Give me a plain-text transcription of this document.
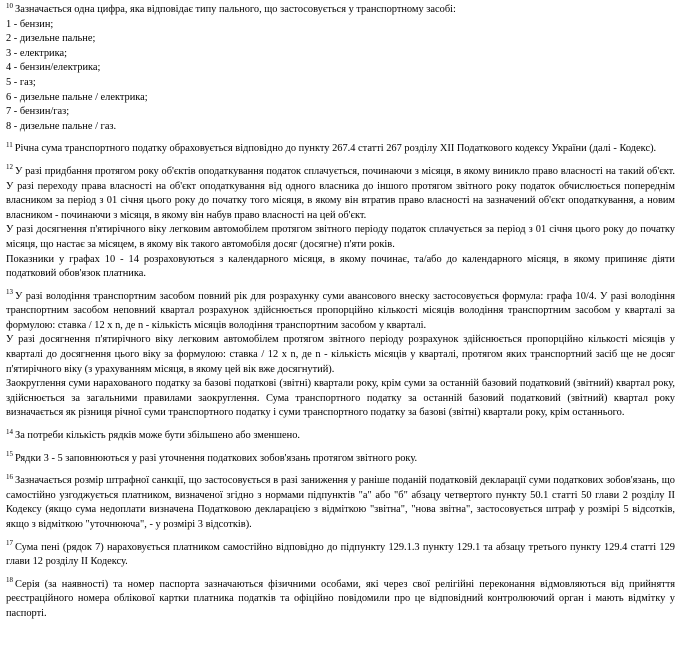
$^{10}$ Зазначається одна цифра, яка відповідає типу пального, що застосовується у транспортному засобі:
1 - бензин;
2 - дизельне пальне;
3 - електрика;
4 - бензин/електрика;
5 - газ;
6 - дизельне пальне / електрика;
7 - бензин/газ;
8 - дизельне пальне / газ.

$^{11}$ Річна сума транспортного податку обраховується відповідно до пункту 267.4 статті 267 розділу XII Податкового кодексу України (далі - Кодекс).

$^{12}$ У разі придбання протягом року об'єктів оподаткування податок сплачується, починаючи з місяця, в якому виникло право власності на такий об'єкт. У разі переходу права власності на об'єкт оподаткування від одного власника до іншого протягом звітного року податок обчислюється попереднім власником за період з 01 січня цього року до початку того місяця, в якому він втратив право власності на зазначений об'єкт оподаткування, а новим власником - починаючи з місяця, в якому він набув право власності на цей об'єкт.

У разі досягнення п'ятирічного віку легковим автомобілем протягом звітного періоду податок сплачується за період з 01 січня цього року до початку місяця, що настає за місяцем, в якому вік такого автомобіля досяг (досягне) п'яти років.

Показники у графах 10 - 14 розраховуються з календарного місяця, в якому починає, та/або до календарного місяця, в якому припиняє діяти податковий обов'язок платника.

$^{13}$ У разі володіння транспортним засобом повний рік для розрахунку суми авансового внеску застосовується формула: графа 10/4. У разі володіння транспортним засобом неповний квартал розрахунок здійснюється пропорційно кількості місяців володіння транспортним засобом у кварталі за формулою: ставка / 12 x n, де n - кількість місяців володіння транспортним засобом у кварталі.

У разі досягнення п'ятирічного віку легковим автомобілем протягом звітного періоду розрахунок здійснюється пропорційно кількості місяців у кварталі до досягнення цього віку за формулою: ставка / 12 x n, де n - кількість місяців у кварталі, протягом яких транспортний засіб ще не досяг п'ятирічного віку (з урахуванням місяця, в якому цей вік вже досягнутий).

Заокруглення суми нарахованого податку за базові податкові (звітні) квартали року, крім суми за останній базовий податковий (звітний) квартал року, здійснюється за загальними правилами заокруглення. Сума транспортного податку за останній базовий податковий (звітний) квартал року визначається як різниця річної суми транспортного податку і суми транспортного податку за базові (звітні) квартали року, крім останнього.

$^{14}$ За потреби кількість рядків може бути збільшено або зменшено.

$^{15}$ Рядки 3 - 5 заповнюються у разі уточнення податкових зобов'язань протягом звітного року.

$^{16}$ Зазначається розмір штрафної санкції, що застосовується в разі заниження у раніше поданій податковій декларації суми податкових зобов'язань, що самостійно узгоджується платником, визначеної згідно з нормами підпунктів "а" або "б" абзацу четвертого пункту 50.1 статті 50 глави 2 розділу II Кодексу (якщо сума недоплати визначена Податковою декларацією з відміткою "звітна", "нова звітна", застосовується штраф у розмірі 5 відсотків, якщо з відміткою "уточнююча", - у розмірі 3 відсотків).

$^{17}$ Сума пені (рядок 7) нараховується платником самостійно відповідно до підпункту 129.1.3 пункту 129.1 та абзацу третього пункту 129.4 статті 129 глави 12 розділу II Кодексу.

$^{18}$ Серія (за наявності) та номер паспорта зазначаються фізичними особами, які через свої релігійні переконання відмовляються від прийняття реєстраційного номера облікової картки платника податків та офіційно повідомили про це відповідний контролюючий орган і мають відмітку у паспорті.
